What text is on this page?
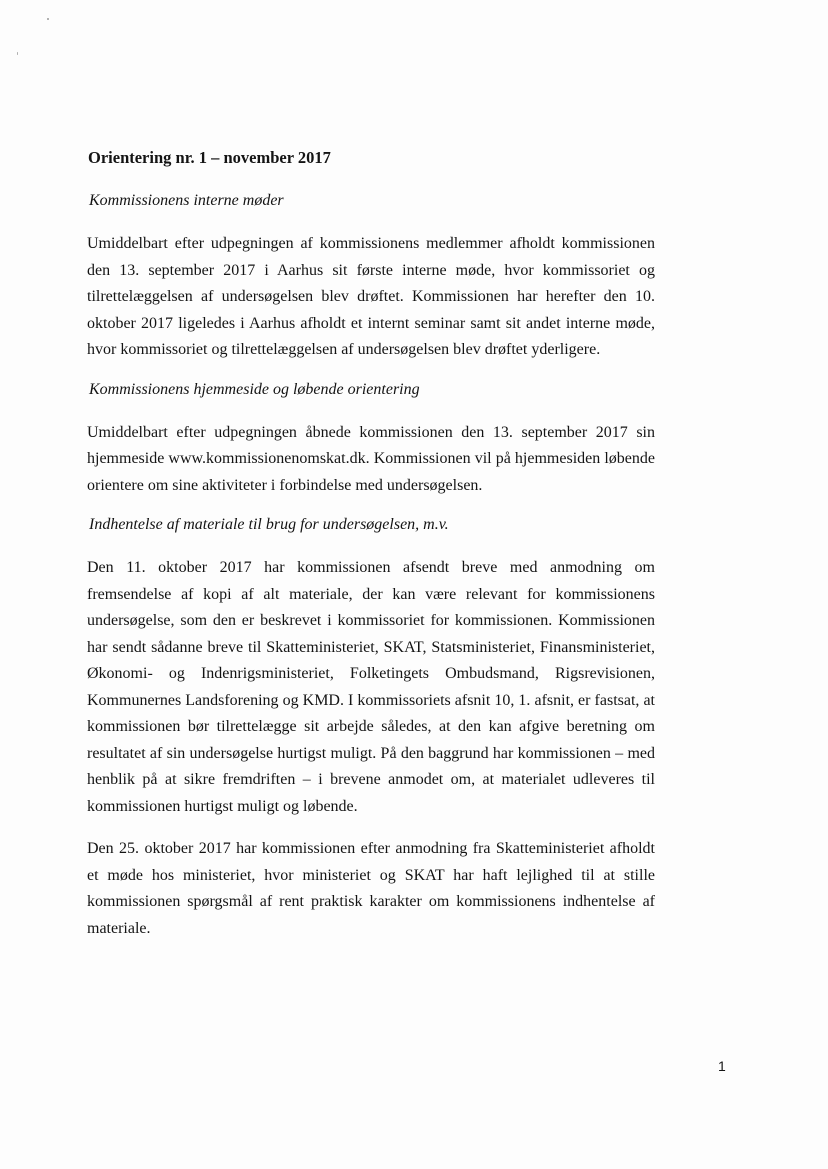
Orientering nr. 1 – november 2017
Kommissionens interne møder

Umiddelbart efter udpegningen af kommissionens medlemmer afholdt kommissionen den 13. september 2017 i Aarhus sit første interne møde, hvor kommissoriet og tilrettelæggelsen af undersøgelsen blev drøftet. Kommissionen har herefter den 10. oktober 2017 ligeledes i Aarhus afholdt et internt seminar samt sit andet interne møde, hvor kommissoriet og tilrettelæggelsen af undersøgelsen blev drøftet yderligere.

Kommissionens hjemmeside og løbende orientering

Umiddelbart efter udpegningen åbnede kommissionen den 13. september 2017 sin hjemmeside www.kommissionenomskat.dk. Kommissionen vil på hjemmesiden løbende orientere om sine aktiviteter i forbindelse med undersøgelsen.

Indhentelse af materiale til brug for undersøgelsen, m.v.

Den 11. oktober 2017 har kommissionen afsendt breve med anmodning om fremsendelse af kopi af alt materiale, der kan være relevant for kommissionens undersøgelse, som den er beskrevet i kommissoriet for kommissionen. Kommissionen har sendt sådanne breve til Skatteministeriet, SKAT, Statsministeriet, Finansministeriet, Økonomi- og Indenrigsministeriet, Folketingets Ombudsmand, Rigsrevisionen, Kommunernes Landsforening og KMD. I kommissoriets afsnit 10, 1. afsnit, er fastsat, at kommissionen bør tilrettelægge sit arbejde således, at den kan afgive beretning om resultatet af sin undersøgelse hurtigst muligt. På den baggrund har kommissionen – med henblik på at sikre fremdriften – i brevene anmodet om, at materialet udleveres til kommissionen hurtigst muligt og løbende.

Den 25. oktober 2017 har kommissionen efter anmodning fra Skatteministeriet afholdt et møde hos ministeriet, hvor ministeriet og SKAT har haft lejlighed til at stille kommissionen spørgsmål af rent praktisk karakter om kommissionens indhentelse af materiale.

1
